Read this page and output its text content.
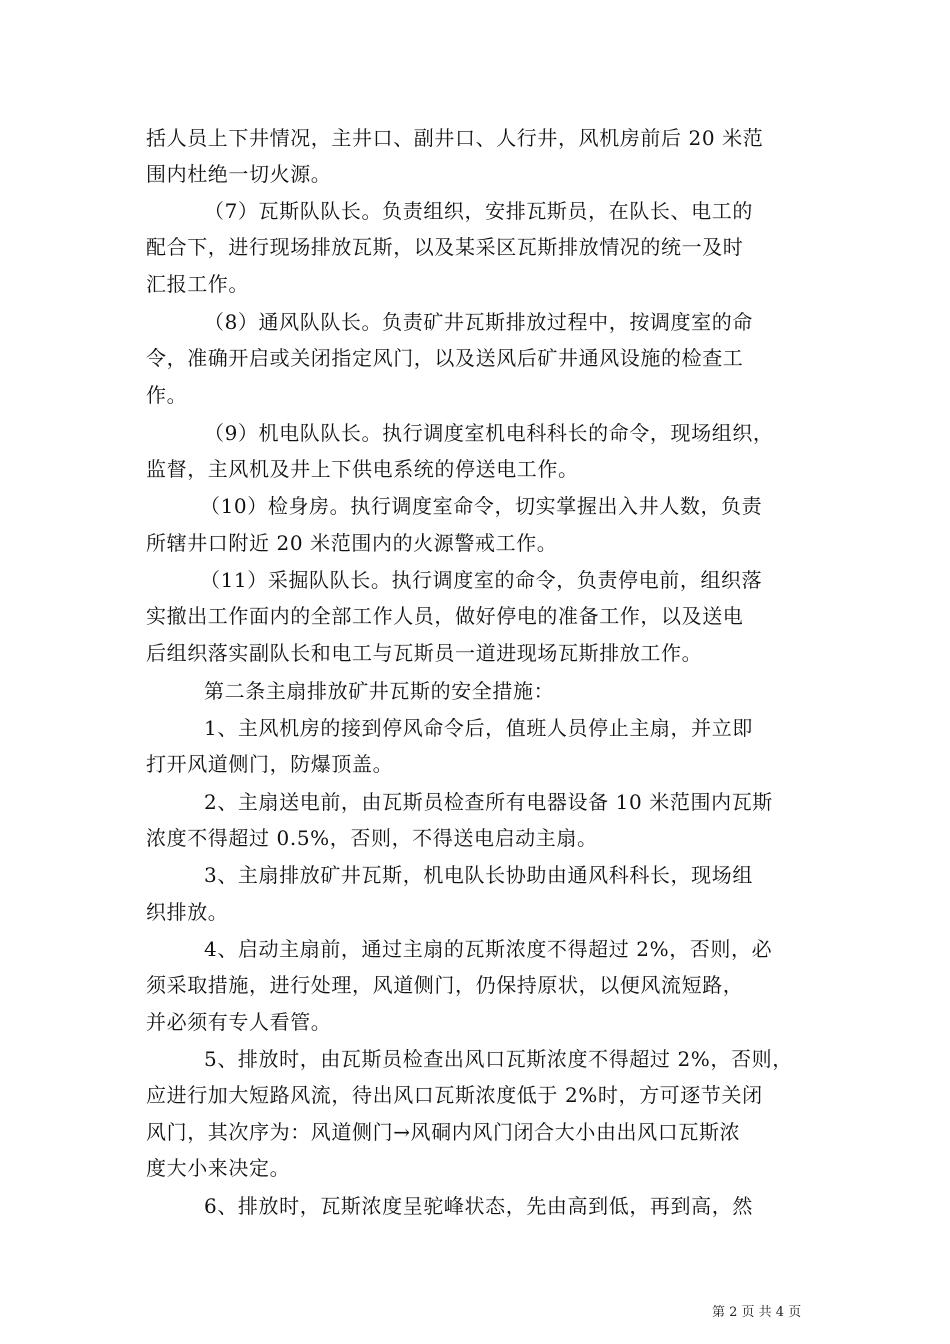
括人员上下井情况，主井口、副井口、人行井，风机房前后 20 米范
围内杜绝一切火源。
（7）瓦斯队队长。负责组织，安排瓦斯员，在队长、电工的
配合下，进行现场排放瓦斯，以及某采区瓦斯排放情况的统一及时
汇报工作。
（8）通风队队长。负责矿井瓦斯排放过程中，按调度室的命
令，准确开启或关闭指定风门，以及送风后矿井通风设施的检查工
作。
（9）机电队队长。执行调度室机电科科长的命令，现场组织，
监督，主风机及井上下供电系统的停送电工作。
（10）检身房。执行调度室命令，切实掌握出入井人数，负责
所辖井口附近 20 米范围内的火源警戒工作。
（11）采掘队队长。执行调度室的命令，负责停电前，组织落
实撤出工作面内的全部工作人员，做好停电的准备工作，以及送电
后组织落实副队长和电工与瓦斯员一道进现场瓦斯排放工作。
第二条主扇排放矿井瓦斯的安全措施：
1、主风机房的接到停风命令后，值班人员停止主扇，并立即
打开风道侧门，防爆顶盖。
2、主扇送电前，由瓦斯员检查所有电器设备 10 米范围内瓦斯
浓度不得超过 0.5%，否则，不得送电启动主扇。
3、主扇排放矿井瓦斯，机电队长协助由通风科科长，现场组
织排放。
4、启动主扇前，通过主扇的瓦斯浓度不得超过 2%，否则，必
须采取措施，进行处理，风道侧门，仍保持原状，以便风流短路，
并必须有专人看管。
5、排放时，由瓦斯员检查出风口瓦斯浓度不得超过 2%，否则，
应进行加大短路风流，待出风口瓦斯浓度低于 2%时，方可逐节关闭
风门，其次序为：风道侧门→风硐内风门闭合大小由出风口瓦斯浓
度大小来决定。
6、排放时，瓦斯浓度呈驼峰状态，先由高到低，再到高，然
第 2 页 共 4 页
